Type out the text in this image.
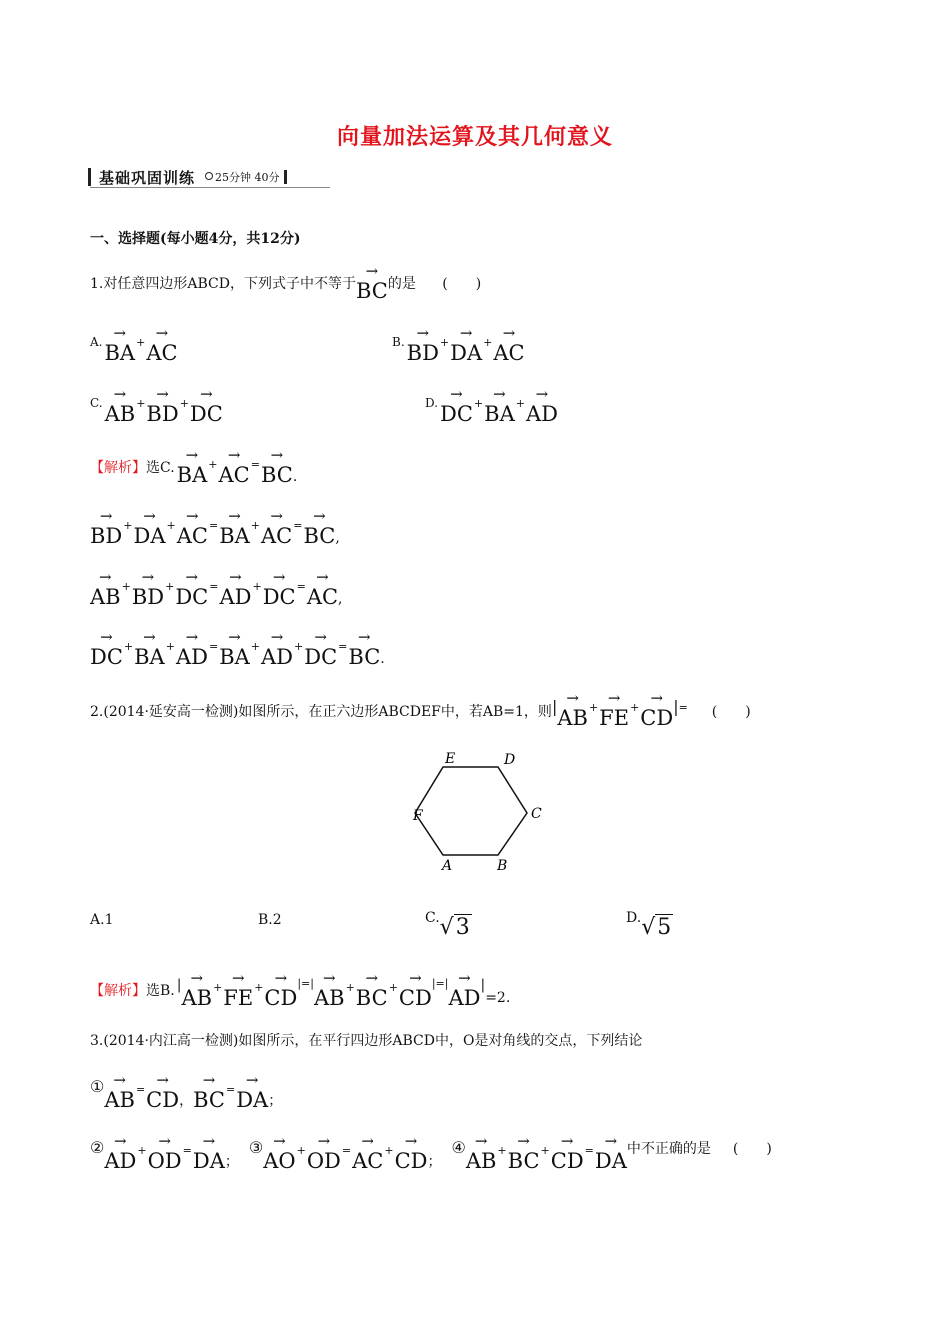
向量加法运算及其几何意义
基础巩固训练	25分钟 40分
一、选择题(每小题4分，共12分)
1.对任意四边形ABCD，下列式子中不等于 → BC 的是 (　　)
$^{A.}$ → BA + → AC	$^{B.}$ → BD + → DA + → AC
$^{C.}$ → AB + → BD + → DC	$^{D.}$ → DC + → BA + → AD
【解析】 选C. → BA + → AC = → BC .
→ BD + → DA + → AC = → BA + → AC = → BC ,
→ AB + → BD + → DC = → AD + → DC = → AC ,
→ DC + → BA + → AD = → BA + → AD + → DC = → BC .
2.(2014·延安高一检测)如图所示，在正六边形ABCDEF中，若AB=1，则 | → AB + → FE + → CD | = (　　)
E	D
C
F
A	B
A.1	B.2	C.√3	D.√5
【解析】 选B. |
→ AB + → FE + → CD
|=|
→ AB + → BC + → CD
|=|
→ AD
|
=2.
3.(2014·内江高一检测)如图所示，在平行四边形ABCD中，O是对角线的交点，下列结论
①
→ AB = → CD ， → BC = → DA ；
②
→ AD + → OD = → DA ；
③
→ AO + → OD = → AC + → CD ；
④
→ AB + → BC + → CD = → DA 中不正确的是 (　　)
